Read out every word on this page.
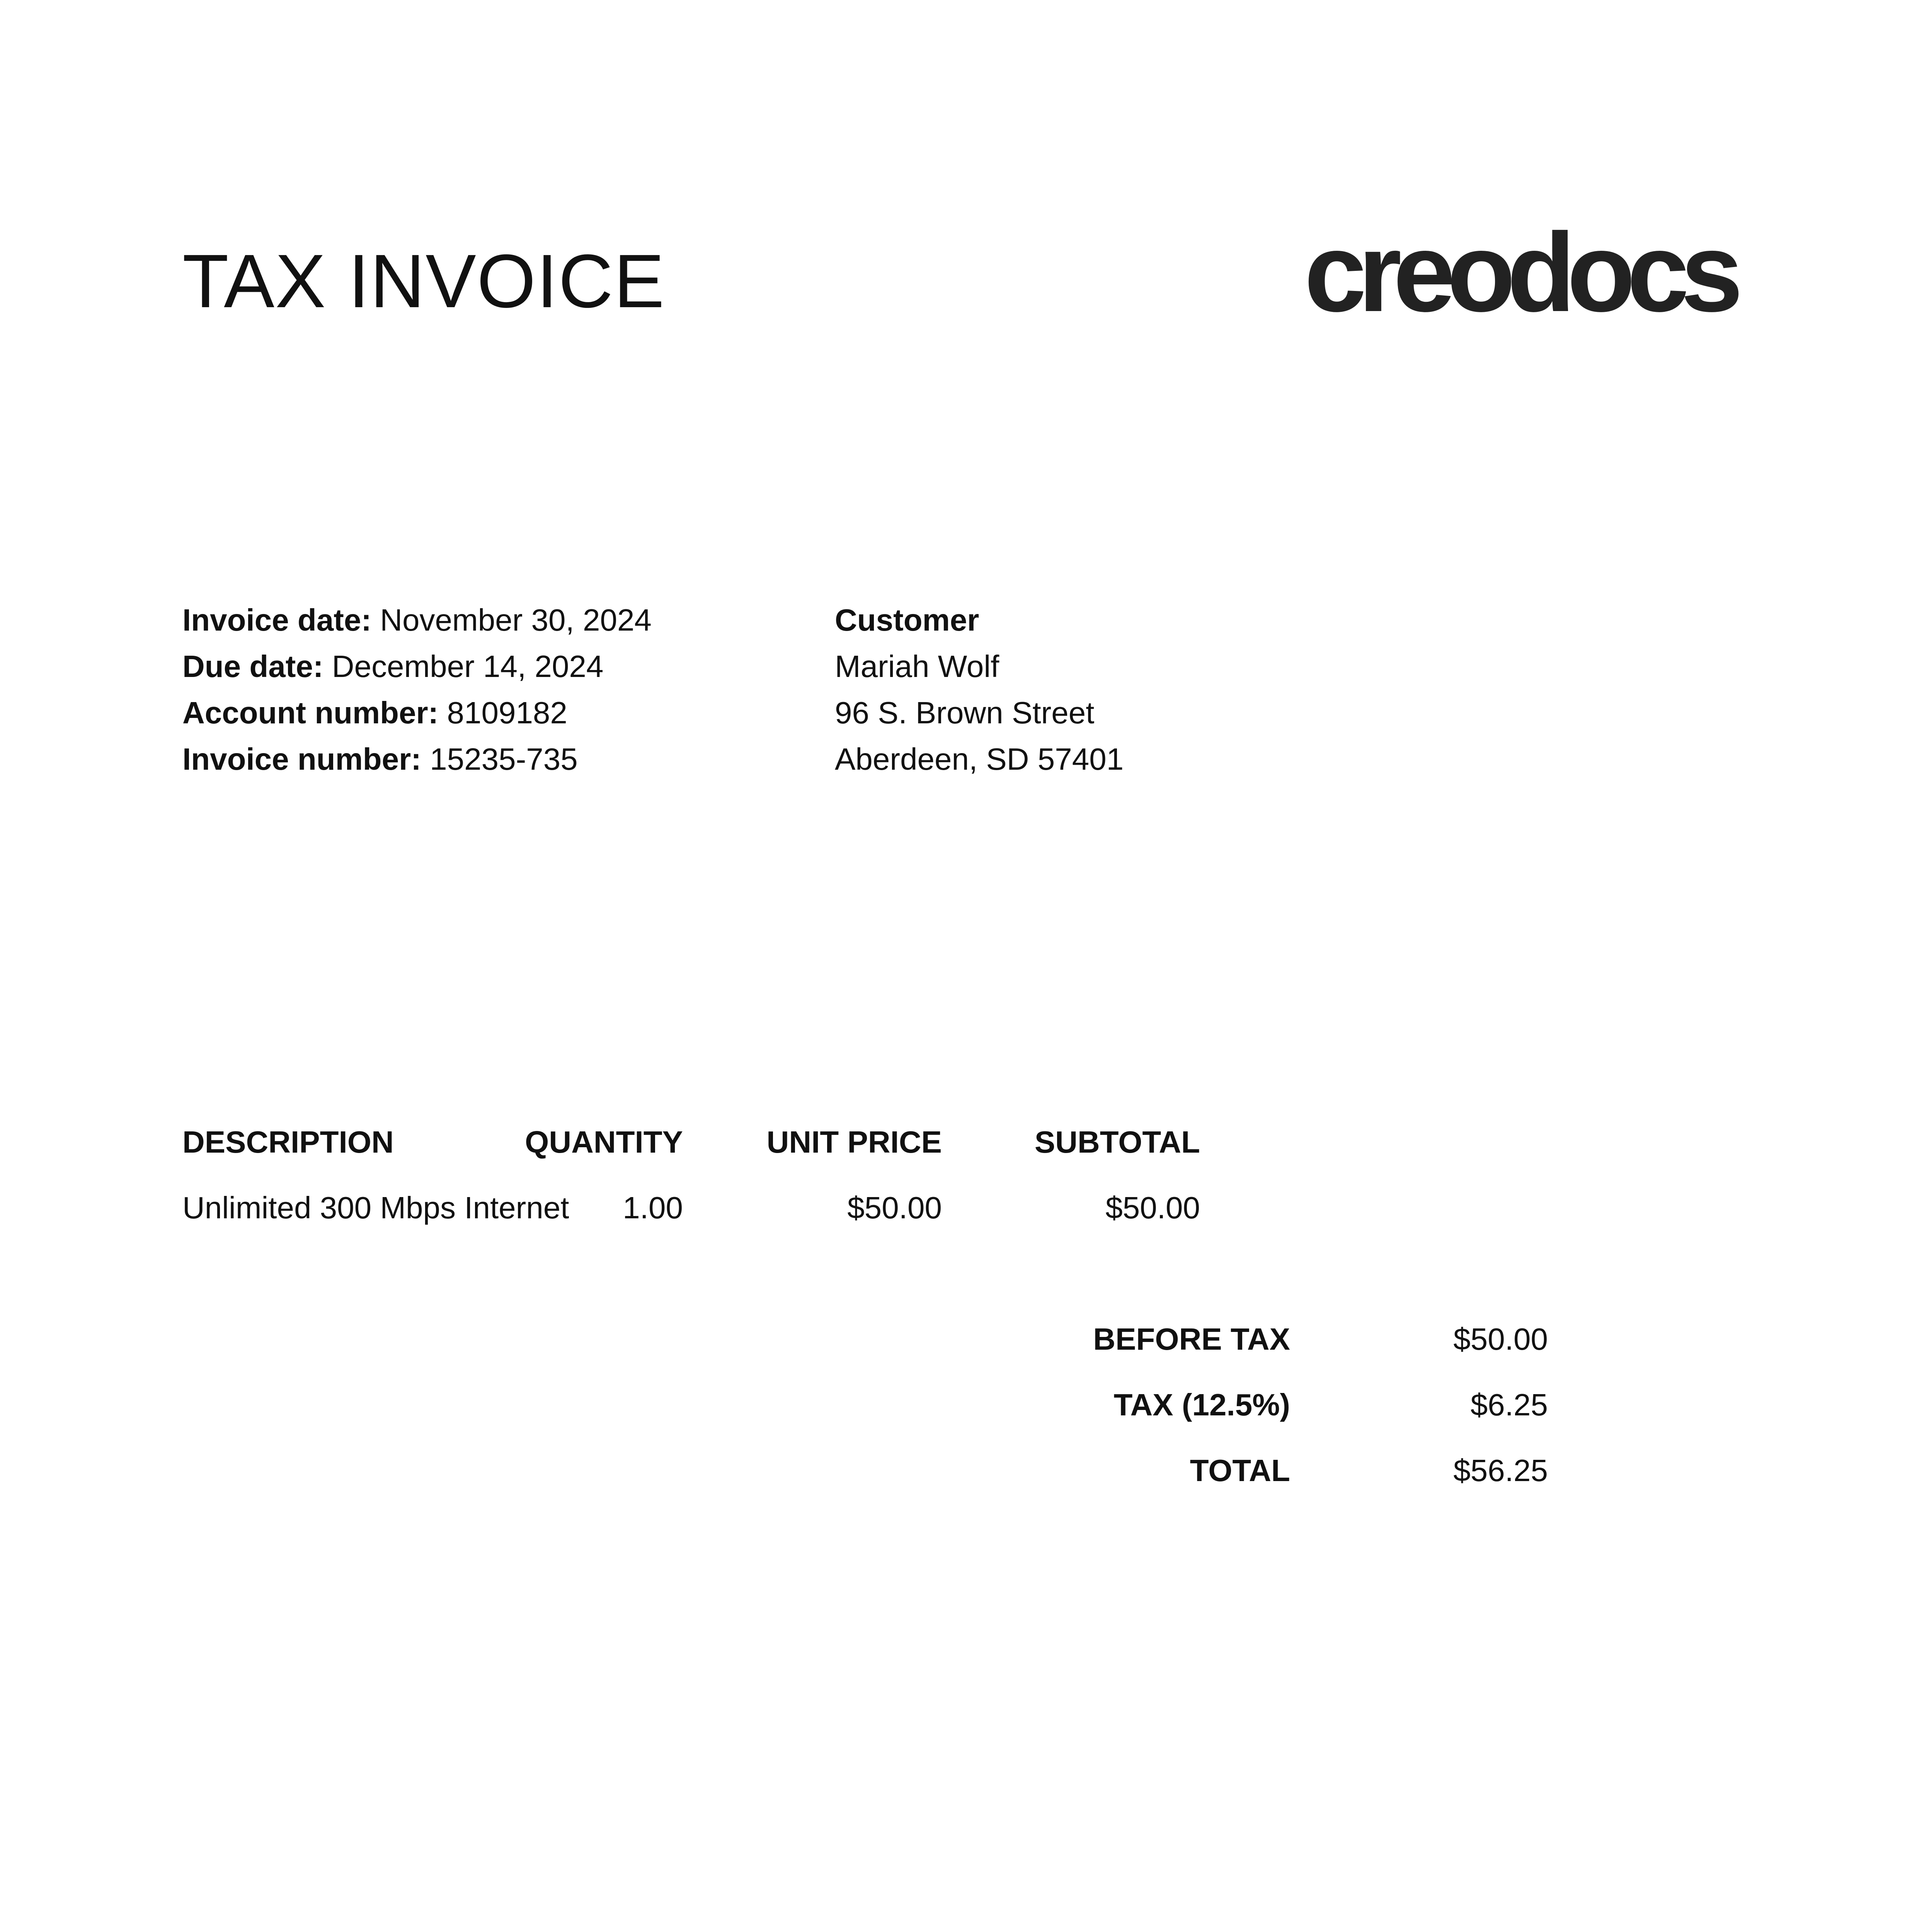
TAX INVOICE	creodocs
Invoice date: November 30, 2024
Due date: December 14, 2024
Account number: 8109182
Invoice number: 15235-735
Customer
Mariah Wolf
96 S. Brown Street
Aberdeen, SD 57401
DESCRIPTION	QUANTITY	UNIT PRICE	SUBTOTAL
Unlimited 300 Mbps Internet 1.00	$50.00	$50.00
BEFORE TAX	$50.00
TAX (12.5%)	$6.25
TOTAL	$56.25
